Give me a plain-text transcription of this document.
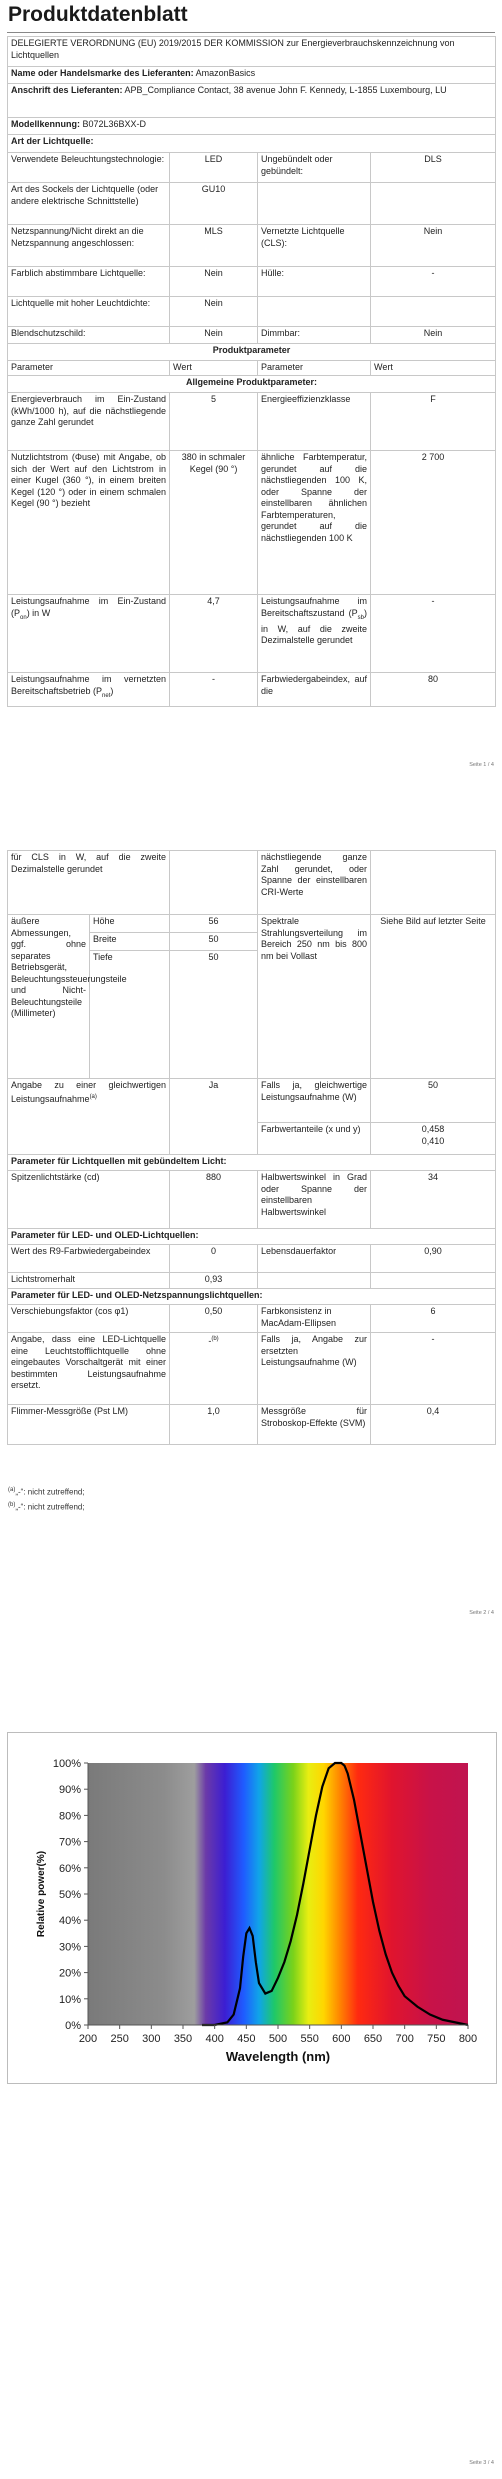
Produktdatenblatt
DELEGIERTE VERORDNUNG (EU) 2019/2015 DER KOMMISSION zur Energieverbrauchskennzeichnung von Lichtquellen			
Name oder Handelsmarke des Lieferanten: AmazonBasics			
Anschrift des Lieferanten: APB_Compliance Contact, 38 avenue John F. Kennedy, L-1855 Luxembourg, LU			
Modellkennung: B072L36BXX-D			
Art der Lichtquelle:			
Verwendete Beleuchtungstechnologie:	LED	Ungebündelt oder gebündelt:	DLS
Art des Sockels der Lichtquelle (oder andere elektrische Schnittstelle)	GU10		
Netzspannung/Nicht direkt an die Netzspannung angeschlossen:	MLS	Vernetzte Lichtquelle (CLS):	Nein
Farblich abstimmbare Lichtquelle:	Nein	Hülle:	-
Lichtquelle mit hoher Leuchtdichte:	Nein		
Blendschutzschild:	Nein	Dimmbar:	Nein
Produktparameter			
Parameter	Wert	Parameter	Wert
Allgemeine Produktparameter:			
Energieverbrauch im Ein-Zustand (kWh/1000 h), auf die nächstliegende ganze Zahl gerundet	5	Energieeffizienzklasse	F
Nutzlichtstrom (Φuse) mit Angabe, ob sich der Wert auf den Lichtstrom in einer Kugel (360 °), in einem breiten Kegel (120 °) oder in einem schmalen Kegel (90 °) bezieht	380 in schmaler Kegel (90 °)	ähnliche Farbtemperatur, gerundet auf die nächstliegenden 100 K, oder Spanne der einstellbaren ähnlichen Farbtemperaturen, gerundet auf die nächstliegenden 100 K	2 700
Leistungsaufnahme im Ein-Zustand $(P_{on})$ in W	4,7	Leistungsaufnahme im Bereitschaftszustand $(P_{sb})$ in W, auf die zweite Dezimalstelle gerundet	-
Leistungsaufnahme im vernetzten Bereitschaftsbetrieb $(P_{net})$	-	Farbwiedergabeindex, auf die	80
Seite 1 / 4
für CLS in W, auf die zweite Dezimalstelle gerundet			nächstliegende ganze Zahl gerundet, oder Spanne der einstellbaren CRI-Werte	
äußere Abmessungen, ggf. ohne separates Betriebsgerät, Beleuchtungssteuerungsteile und Nicht-Beleuchtungsteile (Millimeter)	Höhe	56	Spektrale Strahlungsverteilung im Bereich 250 nm bis 800 nm bei Vollast	Siehe Bild auf letzter Seite
	Breite	50		
	Tiefe	50		
Angabe zu einer gleichwertigen Leistungsaufnahme$^{(a)}$		Ja	Falls ja, gleichwertige Leistungsaufnahme (W)	50
			Farbwertanteile (x und y)	0,458
0,410

Parameter für Lichtquellen mit gebündeltem Licht:				
Spitzenlichtstärke (cd)		880	Halbwertswinkel in Grad oder Spanne der einstellbaren Halbwertswinkel	34
Parameter für LED- und OLED-Lichtquellen:				
Wert des R9-Farbwiedergabeindex		0	Lebensdauerfaktor	0,90
Lichtstromerhalt		0,93		
Parameter für LED- und OLED-Netzspannungslichtquellen:				
Verschiebungsfaktor (cos φ1)		0,50	Farbkonsistenz in MacAdam-Ellipsen	6
Angabe, dass eine LED-Lichtquelle eine Leuchtstofflichtquelle ohne eingebautes Vorschaltgerät mit einer bestimmten Leistungsaufnahme ersetzt.		-$^{(b)}$	Falls ja, Angabe zur ersetzten Leistungsaufnahme (W)	-
Flimmer-Messgröße (Pst LM)		1,0	Messgröße für Stroboskop-Effekte (SVM)	0,4
$^{(a)}$„-“: nicht zutreffend;
$^{(b)}$„-“: nicht zutreffend;
Seite 2 / 4
0%
10%
20%
30%
40%
50%
60%
70%
80%
90%
100%
200 250 300 350 400 450 500 550 600 650 700 750 800
Wavelength (nm)
Relative power(%)
Seite 3 / 4
